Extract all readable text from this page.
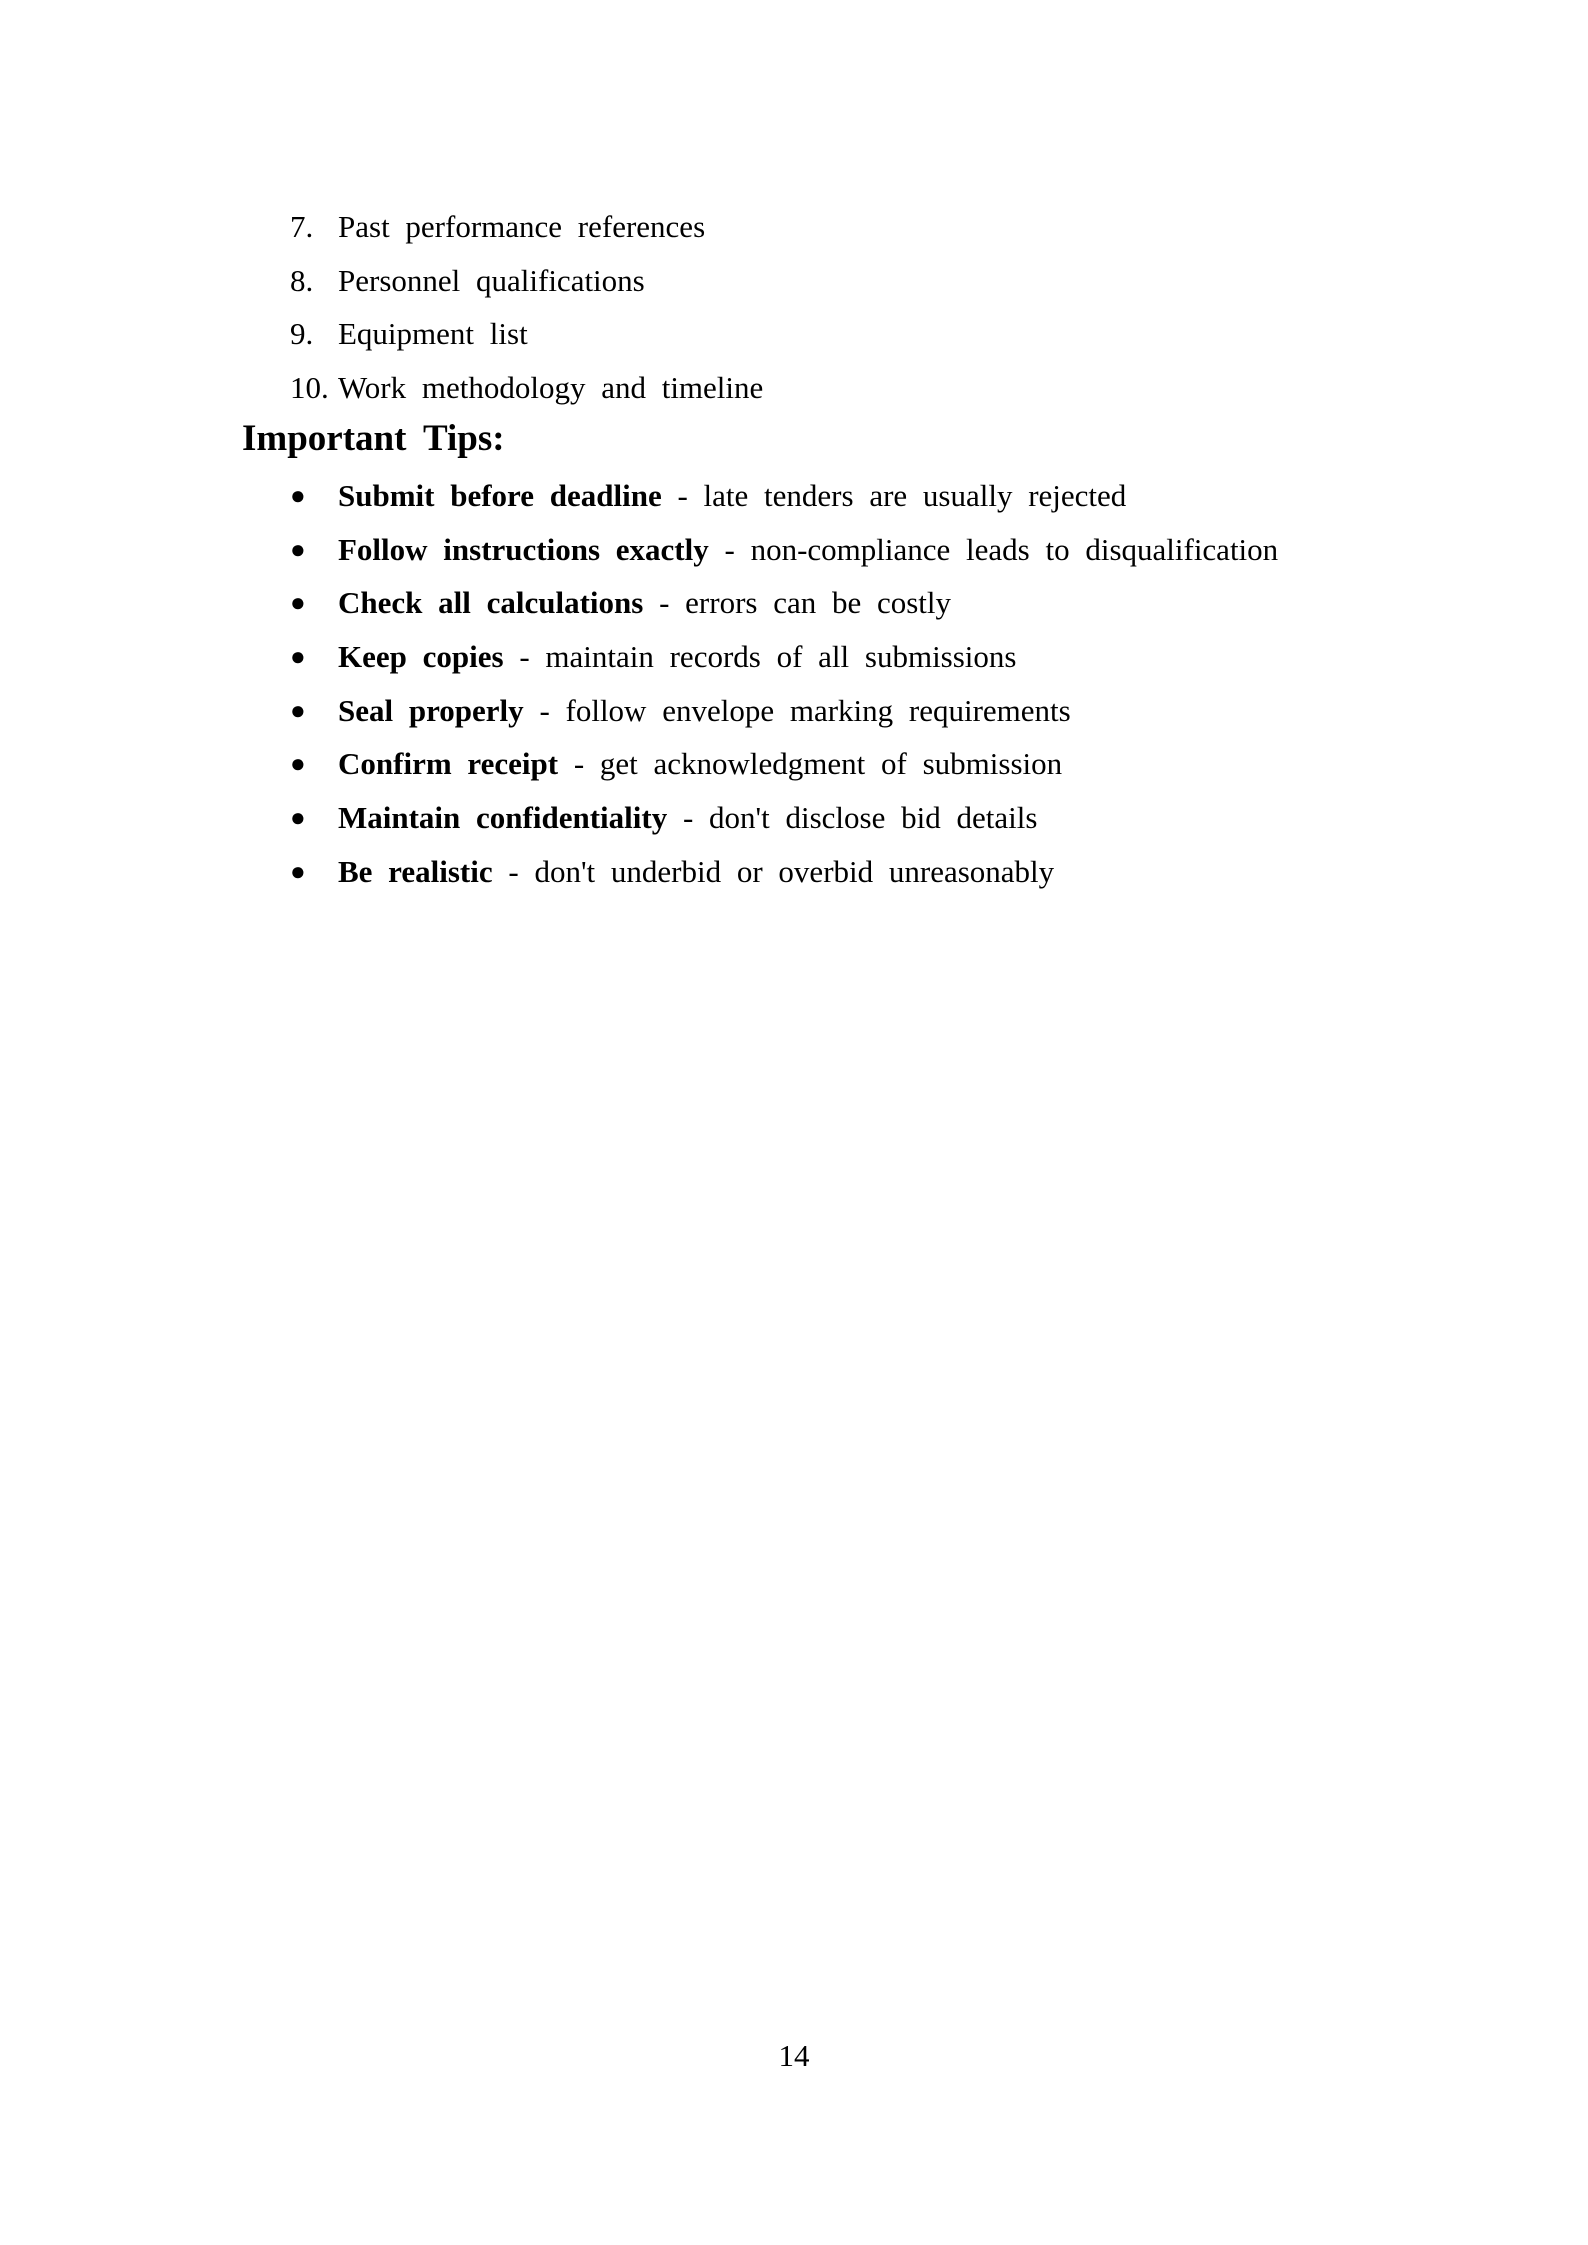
7. Past performance references
8. Personnel qualifications
9. Equipment list
10. Work methodology and timeline
Important Tips:
● Submit before deadline - late tenders are usually rejected
● Follow instructions exactly - non-compliance leads to disqualification
● Check all calculations - errors can be costly
● Keep copies - maintain records of all submissions
● Seal properly - follow envelope marking requirements
● Confirm receipt - get acknowledgment of submission
● Maintain confidentiality - don't disclose bid details
● Be realistic - don't underbid or overbid unreasonably
14
